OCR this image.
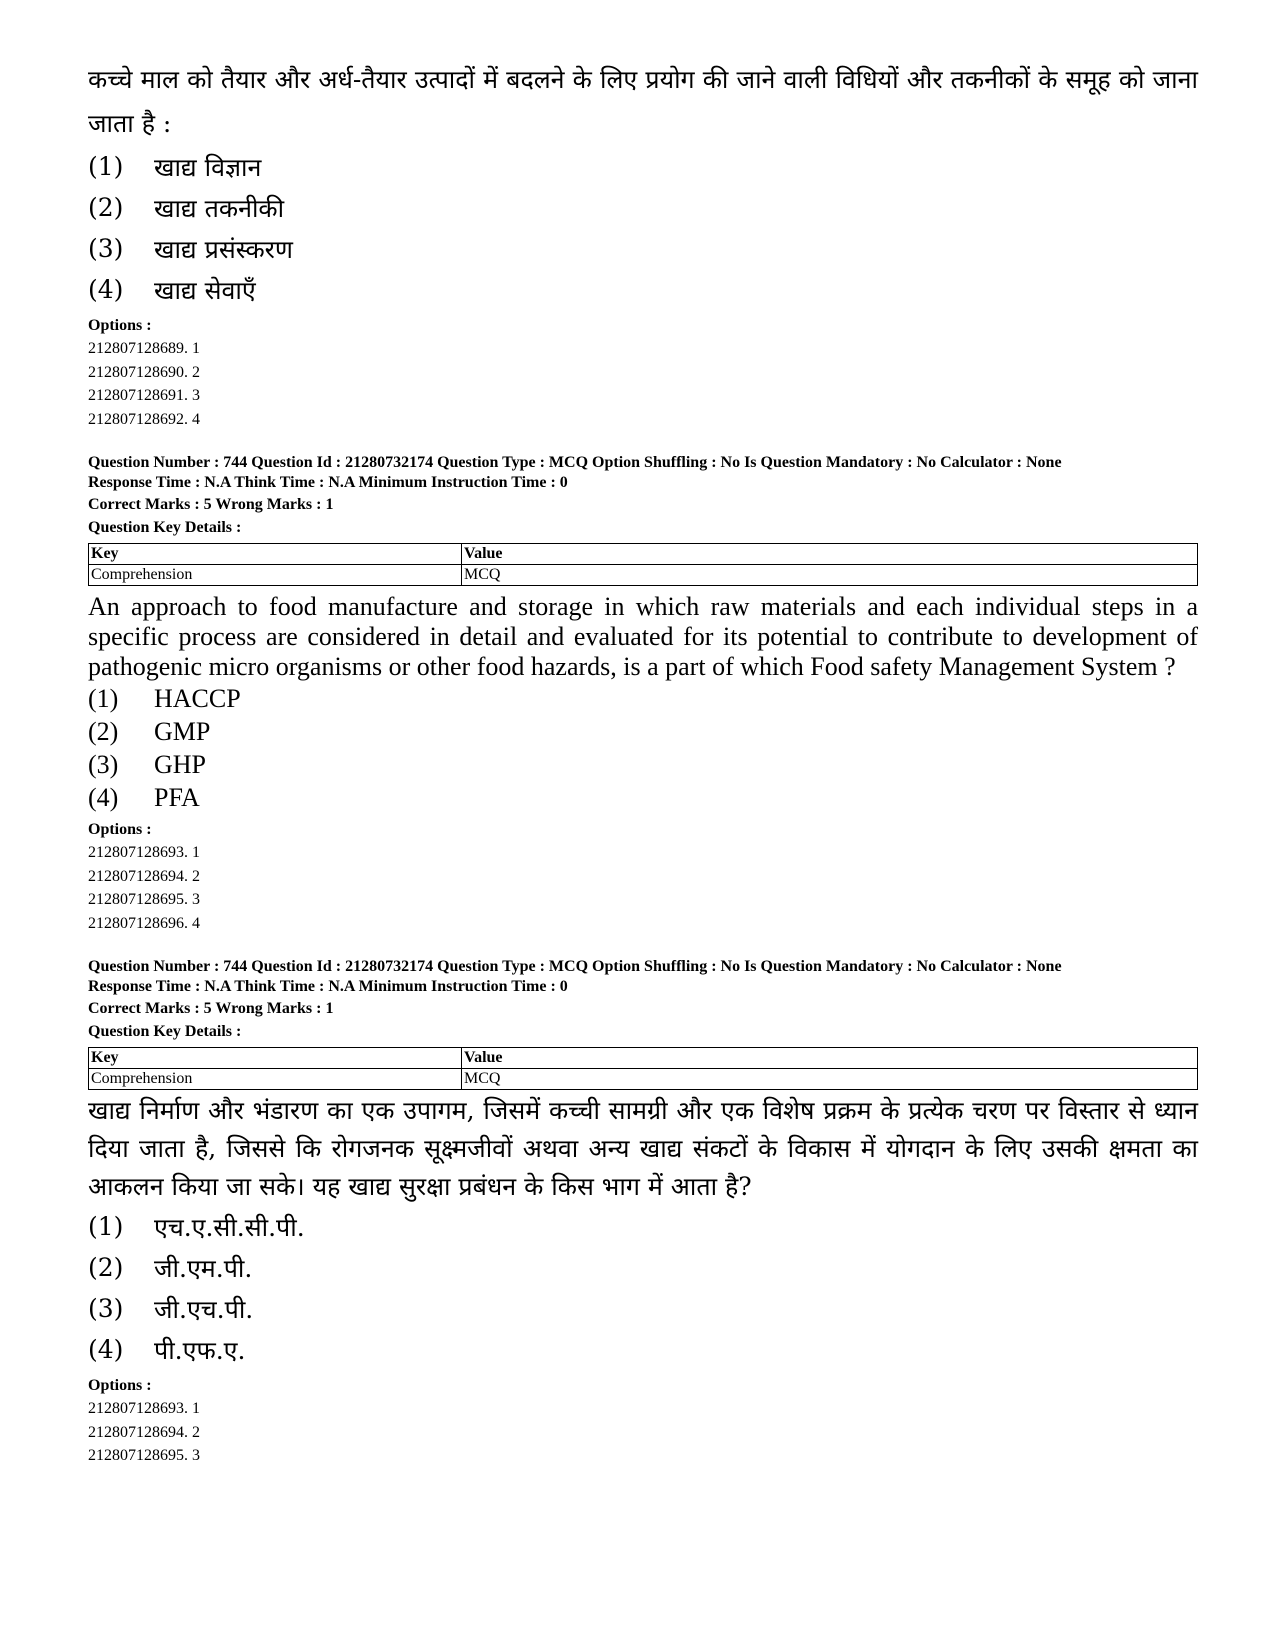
कच्चे माल को तैयार और अर्ध-तैयार उत्पादों में बदलने के लिए प्रयोग की जाने वाली विधियों और तकनीकों के समूह को जाना जाता है :

(1)	खाद्य विज्ञान
(2)	खाद्य तकनीकी
(3)	खाद्य प्रसंस्करण
(4)	खाद्य सेवाएँ
Options :
212807128689. 1
212807128690. 2
212807128691. 3
212807128692. 4
Question Number : 744 Question Id : 21280732174 Question Type : MCQ Option Shuffling : No Is Question Mandatory : No Calculator : None
Response Time : N.A Think Time : N.A Minimum Instruction Time : 0
Correct Marks : 5 Wrong Marks : 1
Question Key Details :
Key	Value
Comprehension	MCQ

An approach to food manufacture and storage in which raw materials and each individual steps in a specific process are considered in detail and evaluated for its potential to contribute to development of pathogenic micro organisms or other food hazards, is a part of which Food safety Management System ?

(1)	HACCP
(2)	GMP
(3)	GHP
(4)	PFA
Options :
212807128693. 1
212807128694. 2
212807128695. 3
212807128696. 4
Question Number : 744 Question Id : 21280732174 Question Type : MCQ Option Shuffling : No Is Question Mandatory : No Calculator : None
Response Time : N.A Think Time : N.A Minimum Instruction Time : 0
Correct Marks : 5 Wrong Marks : 1
Question Key Details :
Key	Value
Comprehension	MCQ

खाद्य निर्माण और भंडारण का एक उपागम, जिसमें कच्ची सामग्री और एक विशेष प्रक्रम के प्रत्येक चरण पर विस्तार से ध्यान दिया जाता है, जिससे कि रोगजनक सूक्ष्मजीवों अथवा अन्य खाद्य संकटों के विकास में योगदान के लिए उसकी क्षमता का आकलन किया जा सके। यह खाद्य सुरक्षा प्रबंधन के किस भाग में आता है?

(1)	एच.ए.सी.सी.पी.
(2)	जी.एम.पी.
(3)	जी.एच.पी.
(4)	पी.एफ.ए.
Options :
212807128693. 1
212807128694. 2
212807128695. 3
